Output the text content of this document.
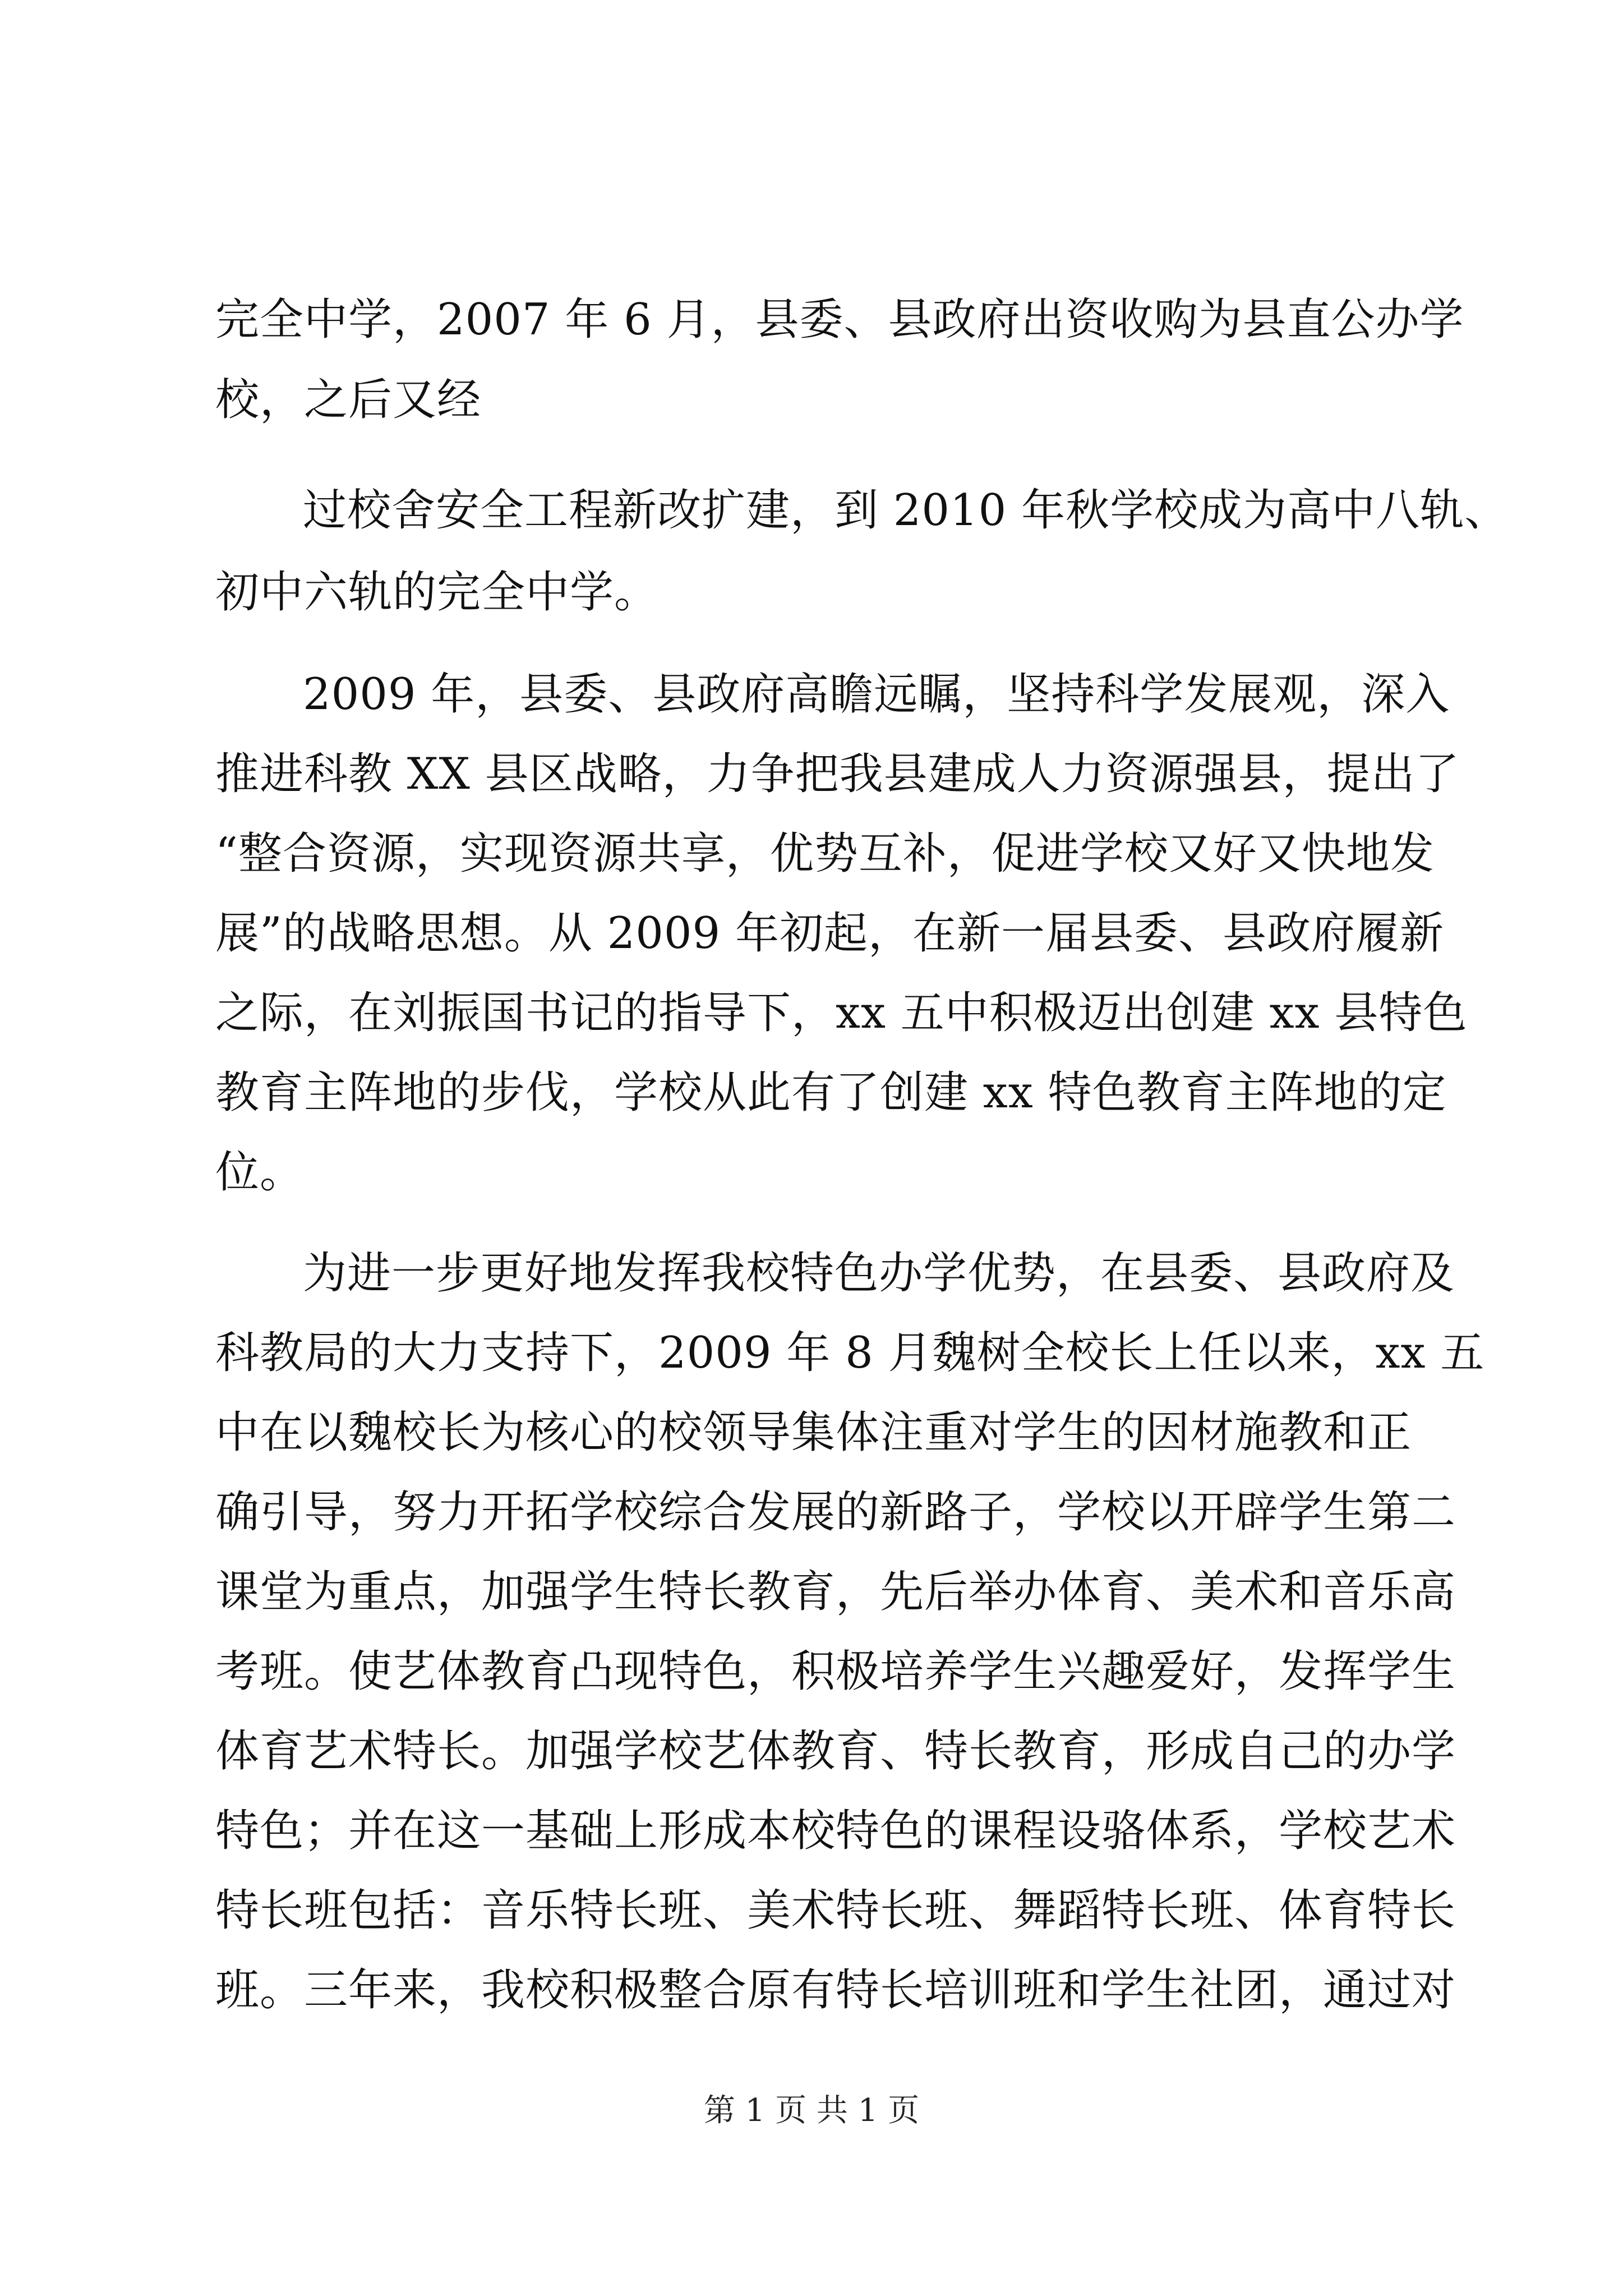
完全中学，2007 年 6 月，县委、县政府出资收购为县直公办学
校，之后又经
过校舍安全工程新改扩建，到 2010 年秋学校成为高中八轨、
初中六轨的完全中学。
2009 年，县委、县政府高瞻远瞩，坚持科学发展观，深入
推进科教 XX 县区战略，力争把我县建成人力资源强县，提出了
“整合资源，实现资源共享，优势互补，促进学校又好又快地发
展”的战略思想。从 2009 年初起，在新一届县委、县政府履新
之际，在刘振国书记的指导下，xx 五中积极迈出创建 xx 县特色
教育主阵地的步伐，学校从此有了创建 xx 特色教育主阵地的定
位。
为进一步更好地发挥我校特色办学优势，在县委、县政府及
科教局的大力支持下，2009 年 8 月魏树全校长上任以来，xx 五
中在以魏校长为核心的校领导集体注重对学生的因材施教和正
确引导，努力开拓学校综合发展的新路子，学校以开辟学生第二
课堂为重点，加强学生特长教育，先后举办体育、美术和音乐高
考班。使艺体教育凸现特色，积极培养学生兴趣爱好，发挥学生
体育艺术特长。加强学校艺体教育、特长教育，形成自己的办学
特色；并在这一基础上形成本校特色的课程设骆体系，学校艺术
特长班包括：音乐特长班、美术特长班、舞蹈特长班、体育特长
班。三年来，我校积极整合原有特长培训班和学生社团，通过对
第 1 页 共 1 页
